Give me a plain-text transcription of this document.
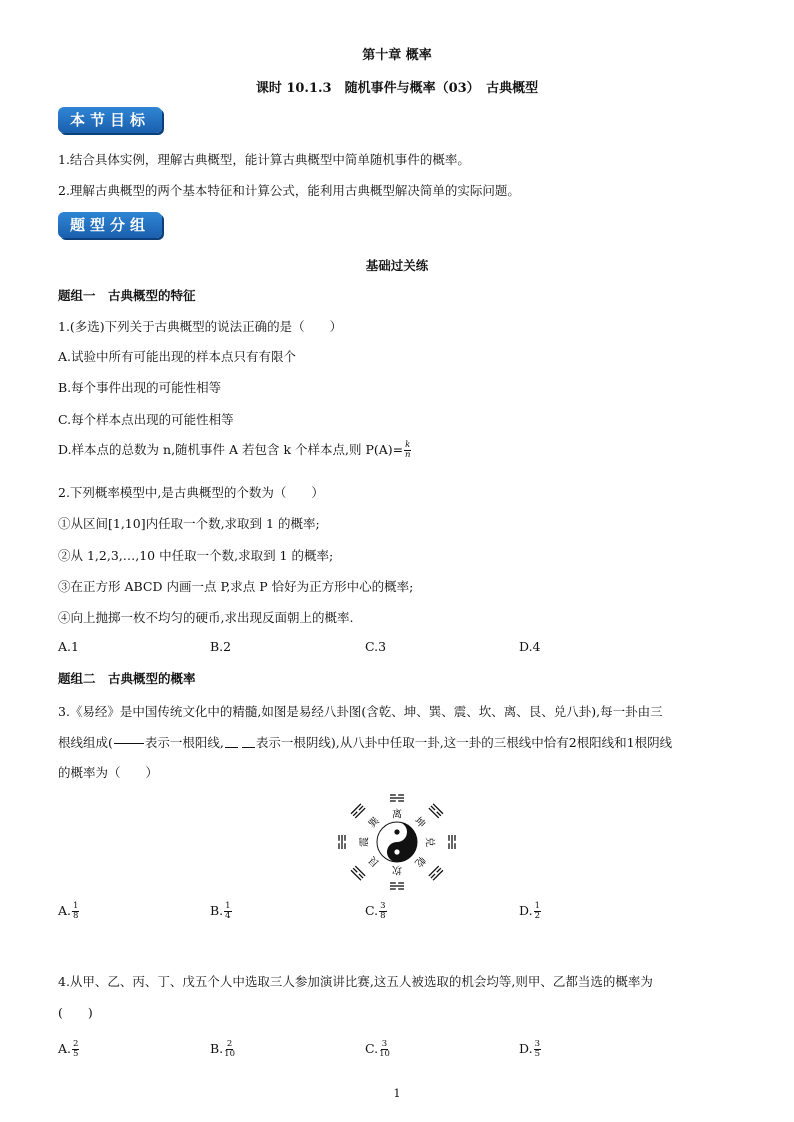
第十章 概率
课时 10.1.3　随机事件与概率（03）　古典概型
本节目标
1.结合具体实例，理解古典概型，能计算古典概型中简单随机事件的概率。
2.理解古典概型的两个基本特征和计算公式，能利用古典概型解决简单的实际问题。
题型分组
基础过关练
题组一　古典概型的特征
1.(多选)下列关于古典概型的说法正确的是（　　）
A.试验中所有可能出现的样本点只有有限个
B.每个事件出现的可能性相等
C.每个样本点出现的可能性相等
D.样本点的总数为 n,随机事件 A 若包含 k 个样本点,则 $P(A)= \frac{k}{n}$
2.下列概率模型中,是古典概型的个数为（　　）
①从区间[1,10]内任取一个数,求取到 1 的概率;
②从 1,2,3,…,10 中任取一个数,求取到 1 的概率;
③在正方形 ABCD 内画一点 P,求点 P 恰好为正方形中心的概率;
④向上抛掷一枚不均匀的硬币,求出现反面朝上的概率.
A.1	B.2	C.3	D.4
题组二　古典概型的概率
3.《易经》是中国传统文化中的精髓,如图是易经八卦图(含乾、坤、巽、震、坎、离、艮、兑八卦),每一卦由三
根线组成(	表示一根阳线,	表示一根阴线),从八卦中任取一卦,这一卦的三根线中恰有2根阳线和1根阴线
的概率为（　　）
离
坤
兑
乾
坎
艮
震
巽
A. $\frac{1}{8}$	B. $\frac{1}{4}$	C. $\frac{3}{8}$	D. $\frac{1}{2}$
4.从甲、乙、丙、丁、戊五个人中选取三人参加演讲比赛,这五人被选取的机会均等,则甲、乙都当选的概率为
(　　)
A. $\frac{2}{5}$	B. $\frac{2}{10}$	C. $\frac{3}{10}$	D. $\frac{3}{5}$
1
